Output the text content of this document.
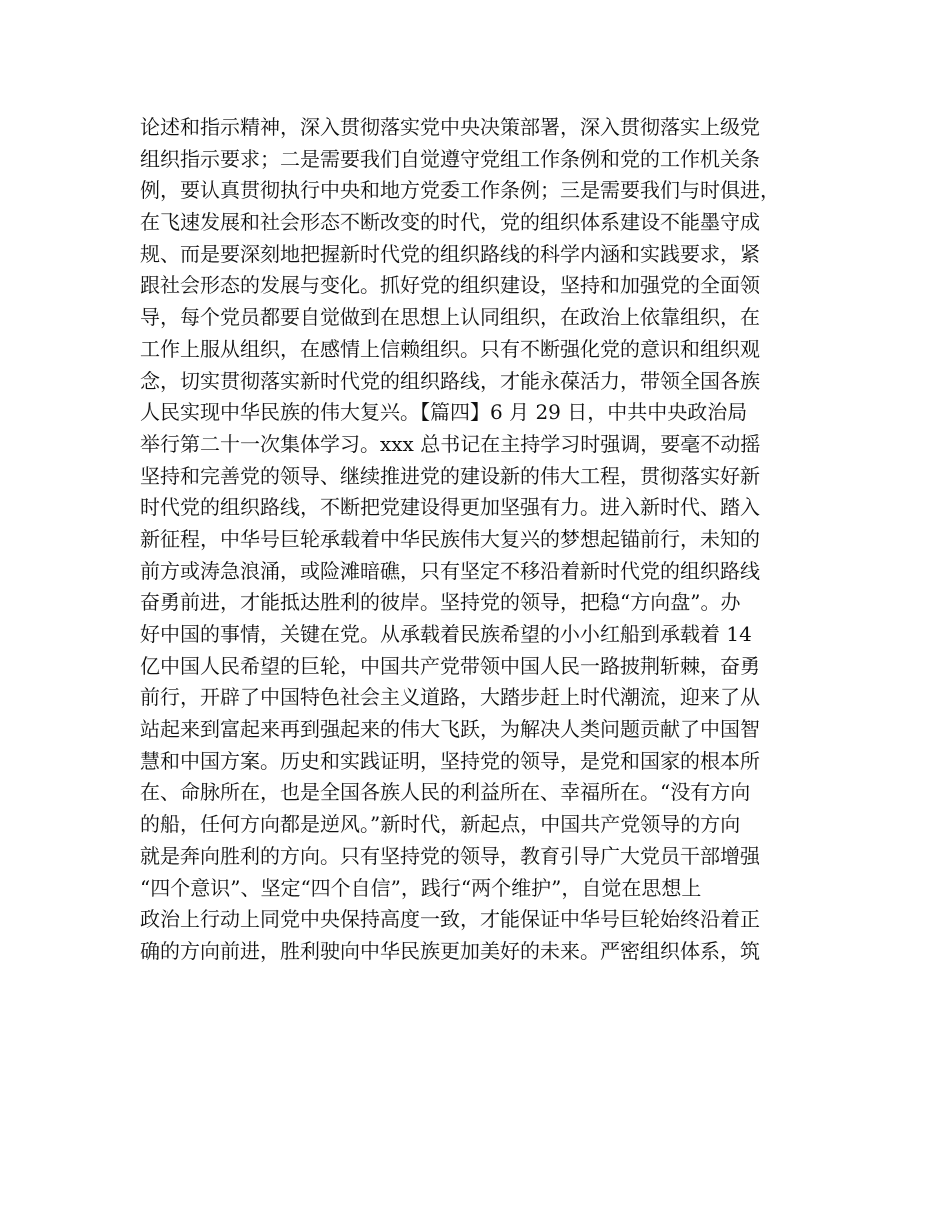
论述和指示精神，深入贯彻落实党中央决策部署，深入贯彻落实上级党
组织指示要求；二是需要我们自觉遵守党组工作条例和党的工作机关条
例，要认真贯彻执行中央和地方党委工作条例；三是需要我们与时俱进，
在飞速发展和社会形态不断改变的时代，党的组织体系建设不能墨守成
规、而是要深刻地把握新时代党的组织路线的科学内涵和实践要求，紧
跟社会形态的发展与变化。抓好党的组织建设，坚持和加强党的全面领
导，每个党员都要自觉做到在思想上认同组织，在政治上依靠组织，在
工作上服从组织，在感情上信赖组织。只有不断强化党的意识和组织观
念，切实贯彻落实新时代党的组织路线，才能永葆活力，带领全国各族
人民实现中华民族的伟大复兴。【篇四】6 月 29 日，中共中央政治局
举行第二十一次集体学习。xxx 总书记在主持学习时强调，要毫不动摇
坚持和完善党的领导、继续推进党的建设新的伟大工程，贯彻落实好新
时代党的组织路线，不断把党建设得更加坚强有力。进入新时代、踏入
新征程，中华号巨轮承载着中华民族伟大复兴的梦想起锚前行，未知的
前方或涛急浪涌，或险滩暗礁，只有坚定不移沿着新时代党的组织路线
奋勇前进，才能抵达胜利的彼岸。坚持党的领导，把稳“方向盘”。办
好中国的事情，关键在党。从承载着民族希望的小小红船到承载着 14
亿中国人民希望的巨轮，中国共产党带领中国人民一路披荆斩棘，奋勇
前行，开辟了中国特色社会主义道路，大踏步赶上时代潮流，迎来了从
站起来到富起来再到强起来的伟大飞跃，为解决人类问题贡献了中国智
慧和中国方案。历史和实践证明，坚持党的领导，是党和国家的根本所
在、命脉所在，也是全国各族人民的利益所在、幸福所在。“没有方向
的船，任何方向都是逆风。”新时代，新起点，中国共产党领导的方向
就是奔向胜利的方向。只有坚持党的领导，教育引导广大党员干部增强
“四个意识”、坚定“四个自信”，践行“两个维护”，自觉在思想上
政治上行动上同党中央保持高度一致，才能保证中华号巨轮始终沿着正
确的方向前进，胜利驶向中华民族更加美好的未来。严密组织体系，筑
